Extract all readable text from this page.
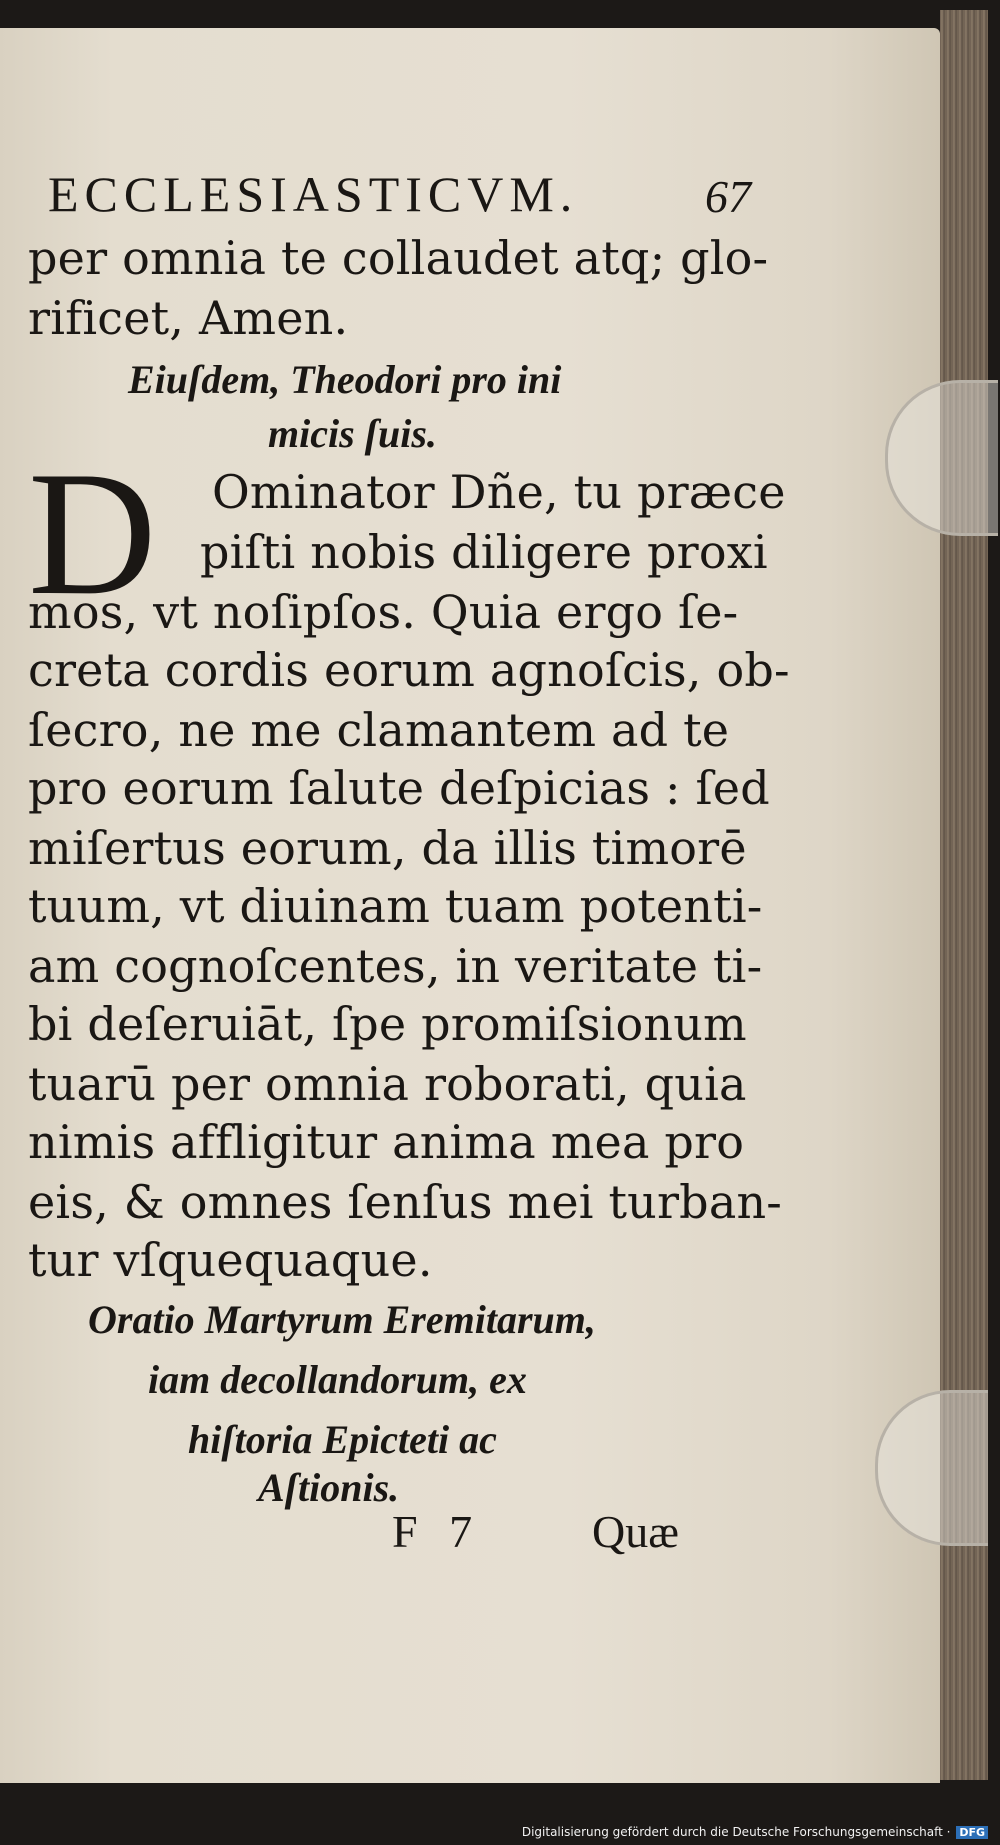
ECCLESIASTICVM.	67
per omnia te collaudet atq; glo-
rificet, Amen.
Eiuſdem, Theodori pro ini
micis ſuis.
D Ominator Dñe, tu præce
piſti nobis diligere proxi
mos, vt noſipſos. Quia ergo ſe-
creta cordis eorum agnoſcis, ob-
ſecro, ne me clamantem ad te
pro eorum ſalute deſpicias : ſed
miſertus eorum, da illis timorē
tuum, vt diuinam tuam potenti-
am cognoſcentes, in veritate ti-
bi deſeruiāt, ſpe promiſsionum
tuarū per omnia roborati, quia
nimis affligitur anima mea pro
eis, & omnes ſenſus mei turban-
tur vſquequaque.
Oratio Martyrum Eremitarum,
iam decollandorum, ex
hiſtoria Epicteti ac
Aſtionis.
F 7 Quæ
Digitalisierung gefördert durch die Deutsche Forschungsgemeinschaft · DFG
